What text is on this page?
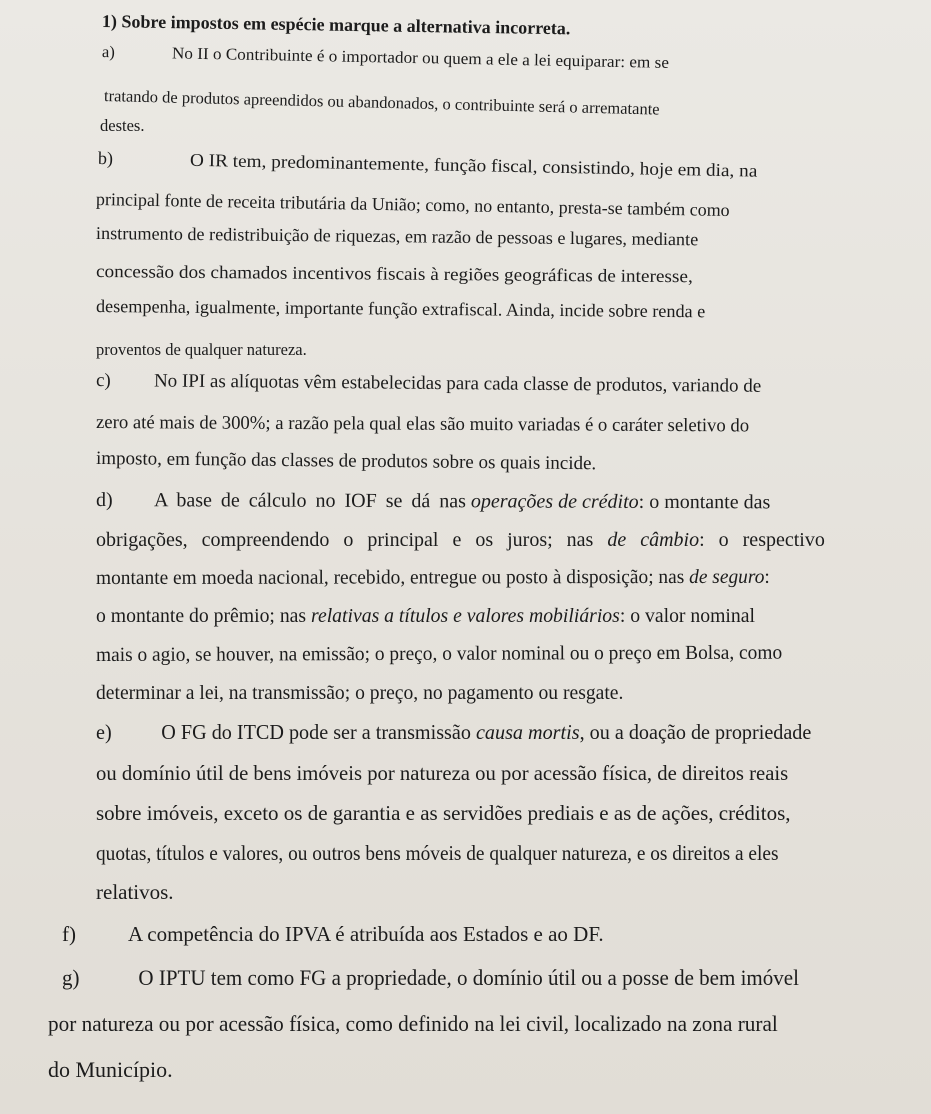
1) Sobre impostos em espécie marque a alternativa incorreta.
a)	No II o Contribuinte é o importador ou quem a ele a lei equiparar: em se
tratando de produtos apreendidos ou abandonados, o contribuinte será o arrematante
destes.
b)	O IR tem, predominantemente, função fiscal, consistindo, hoje em dia, na
principal fonte de receita tributária da União; como, no entanto, presta-se também como
instrumento de redistribuição de riquezas, em razão de pessoas e lugares, mediante
concessão dos chamados incentivos fiscais à regiões geográficas de interesse,
desempenha, igualmente, importante função extrafiscal. Ainda, incide sobre renda e
proventos de qualquer natureza.
c) No IPI as alíquotas vêm estabelecidas para cada classe de produtos, variando de
zero até mais de 300%; a razão pela qual elas são muito variadas é o caráter seletivo do
imposto, em função das classes de produtos sobre os quais incide.
d) A base de cálculo no IOF se dá nas operações de crédito: o montante das
obrigações, compreendendo o principal e os juros; nas de câmbio: o respectivo
montante em moeda nacional, recebido, entregue ou posto à disposição; nas de seguro:
o montante do prêmio; nas relativas a títulos e valores mobiliários: o valor nominal
mais o agio, se houver, na emissão; o preço, o valor nominal ou o preço em Bolsa, como
determinar a lei, na transmissão; o preço, no pagamento ou resgate.
e) O FG do ITCD pode ser a transmissão causa mortis, ou a doação de propriedade
ou domínio útil de bens imóveis por natureza ou por acessão física, de direitos reais
sobre imóveis, exceto os de garantia e as servidões prediais e as de ações, créditos,
quotas, títulos e valores, ou outros bens móveis de qualquer natureza, e os direitos a eles
relativos.
f) A competência do IPVA é atribuída aos Estados e ao DF.
g)	O IPTU tem como FG a propriedade, o domínio útil ou a posse de bem imóvel
por natureza ou por acessão física, como definido na lei civil, localizado na zona rural
do Município.
